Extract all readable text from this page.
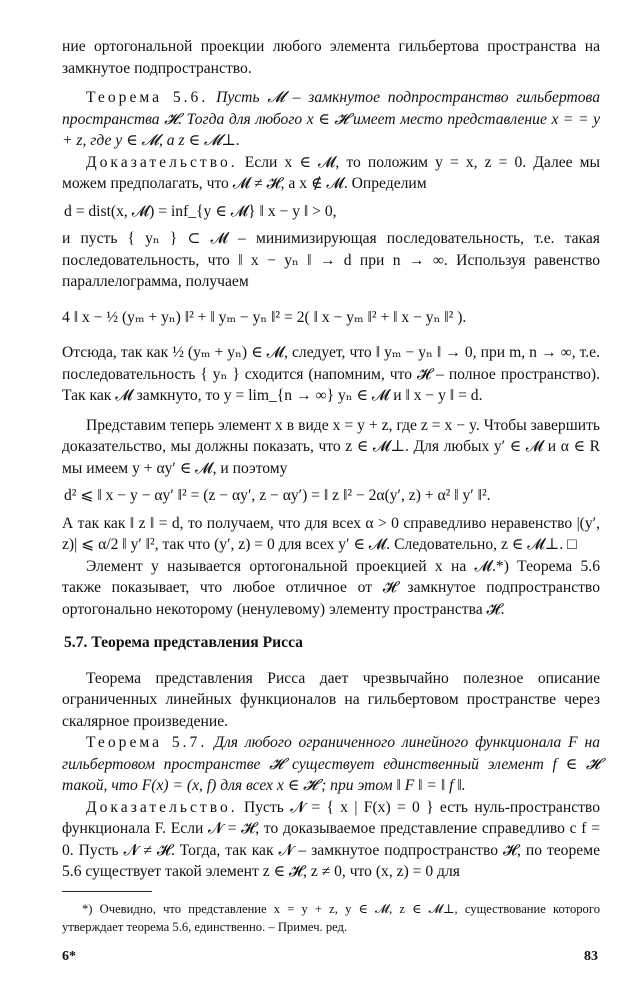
ние ортогональной проекции любого элемента гильбертова пространства на замкнутое подпространство.

Теорема 5.6. Пусть 𝓜 – замкнутое подпространство гильбертова пространства 𝓗. Тогда для любого x ∈ 𝓗 имеет место представление x = = y + z, где y ∈ 𝓜, а z ∈ 𝓜⊥.

Доказательство. Если x ∈ 𝓜, то положим y = x, z = 0. Далее мы можем предполагать, что 𝓜 ≠ 𝓗, а x ∉ 𝓜. Определим

d = dist(x, 𝓜) = inf_{y ∈ 𝓜} ‖ x − y ‖ > 0,

и пусть { yₙ } ⊂ 𝓜 – минимизирующая последовательность, т.е. такая последовательность, что ‖ x − yₙ ‖ → d при n → ∞. Используя равенство параллелограмма, получаем

4 ‖ x − ½ (yₘ + yₙ) ‖² + ‖ yₘ − yₙ ‖² = 2( ‖ x − yₘ ‖² + ‖ x − yₙ ‖² ).

Отсюда, так как ½ (yₘ + yₙ) ∈ 𝓜, следует, что ‖ yₘ − yₙ ‖ → 0, при m, n → ∞, т.е. последовательность { yₙ } сходится (напомним, что 𝓗 – полное пространство). Так как 𝓜 замкнуто, то y = lim_{n → ∞} yₙ ∈ 𝓜 и ‖ x − y ‖ = d.

Представим теперь элемент x в виде x = y + z, где z = x − y. Чтобы завершить доказательство, мы должны показать, что z ∈ 𝓜⊥. Для любых y′ ∈ 𝓜 и α ∈ R мы имеем y + αy′ ∈ 𝓜, и поэтому

d² ⩽ ‖ x − y − αy′ ‖² = (z − αy′, z − αy′) = ‖ z ‖² − 2α(y′, z) + α² ‖ y′ ‖².

А так как ‖ z ‖ = d, то получаем, что для всех α > 0 справедливо неравенство |(y′, z)| ⩽ α/2 ‖ y′ ‖², так что (y′, z) = 0 для всех y′ ∈ 𝓜. Следовательно, z ∈ 𝓜⊥. □

Элемент y называется ортогональной проекцией x на 𝓜.*) Теорема 5.6 также показывает, что любое отличное от 𝓗 замкнутое подпространство ортогонально некоторому (ненулевому) элементу пространства 𝓗.

5.7. Теорема представления Рисса

Теорема представления Рисса дает чрезвычайно полезное описание ограниченных линейных функционалов на гильбертовом пространстве через скалярное произведение.

Теорема 5.7. Для любого ограниченного линейного функционала F на гильбертовом пространстве 𝓗 существует единственный элемент f ∈ 𝓗 такой, что F(x) = (x, f) для всех x ∈ 𝓗 ; при этом ‖ F ‖ = ‖ f ‖.

Доказательство. Пусть 𝓝 = { x | F(x) = 0 } есть нуль-пространство функционала F. Если 𝓝 = 𝓗, то доказываемое представление справедливо с f = 0. Пусть 𝓝 ≠ 𝓗. Тогда, так как 𝓝 – замкнутое подпространство 𝓗, по теореме 5.6 существует такой элемент z ∈ 𝓗, z ≠ 0, что (x, z) = 0 для

*) Очевидно, что представление x = y + z, y ∈ 𝓜, z ∈ 𝓜⊥, существование которого утверждает теорема 5.6, единственно. – Примеч. ред.
6*	83
